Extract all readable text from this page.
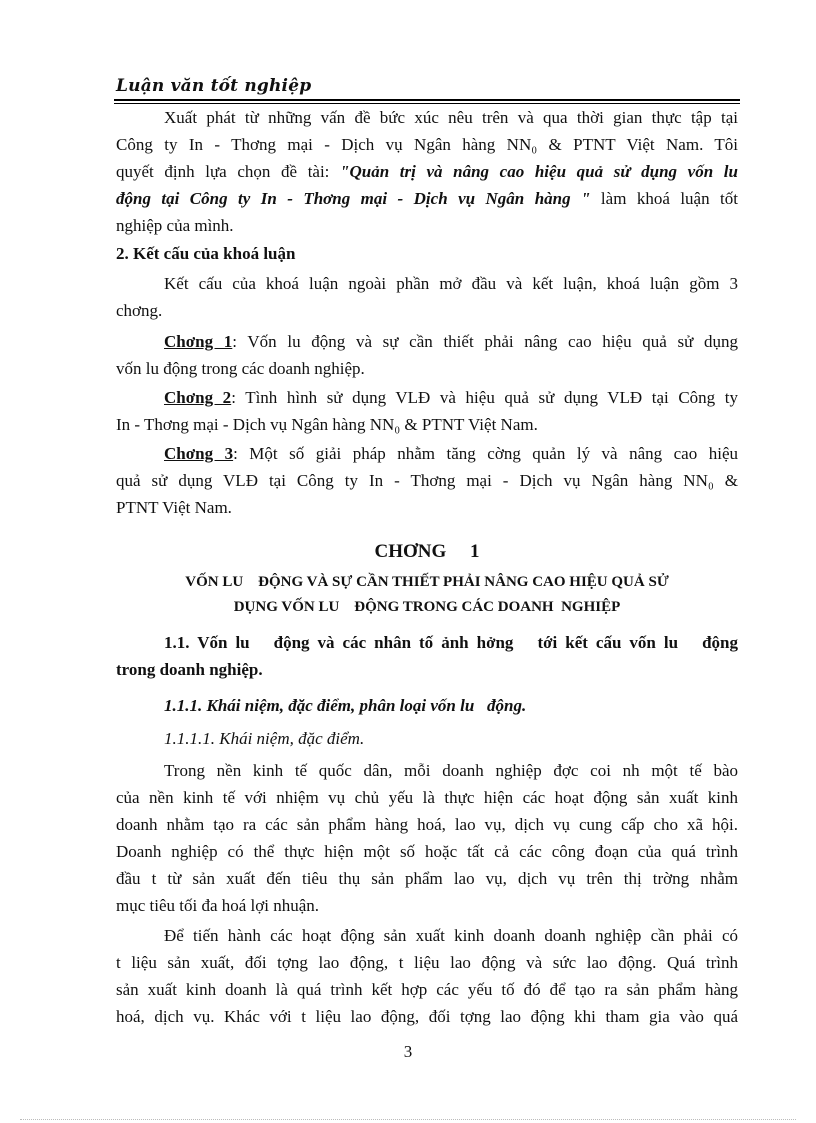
Luận văn tốt nghiệp
Xuất phát từ những vấn đề bức xúc nêu trên và qua thời gian thực tập tại
Công ty In - Thơng mại - Dịch vụ Ngân hàng NN₀ & PTNT Việt Nam. Tôi
quyết định lựa chọn đề tài: "Quản trị và nâng cao hiệu quả sử dụng vốn lu
động tại Công ty In - Thơng mại - Dịch vụ Ngân hàng " làm khoá luận tốt
nghiệp của mình.
2. Kết cấu của khoá luận
Kết cấu của khoá luận ngoài phần mở đầu và kết luận, khoá luận gồm 3
chơng.
Chơng 1: Vốn lu động và sự cần thiết phải nâng cao hiệu quả sử dụng
vốn lu động trong các doanh nghiệp.
Chơng 2: Tình hình sử dụng VLĐ và hiệu quả sử dụng VLĐ tại Công ty
In - Thơng mại - Dịch vụ Ngân hàng NN₀ & PTNT Việt Nam.
Chơng 3: Một số giải pháp nhằm tăng cờng quản lý và nâng cao hiệu
quả sử dụng VLĐ tại Công ty In - Thơng mại - Dịch vụ Ngân hàng NN₀ &
PTNT Việt Nam.
CHƠNG     1
VỐN LU    ĐỘNG VÀ SỰ CẦN THIẾT PHẢI NÂNG CAO HIỆU QUẢ SỬ
DỤNG VỐN LU    ĐỘNG TRONG CÁC DOANH  NGHIỆP
1.1. Vốn lu   động và các nhân tố ảnh hởng   tới kết cấu vốn lu   động
trong doanh nghiệp.
1.1.1. Khái niệm, đặc điểm, phân loại vốn lu   động.
1.1.1.1. Khái niệm, đặc điểm.
Trong nền kinh tế quốc dân, mỗi doanh nghiệp đợc coi nh một tế bào
của nền kinh tế với nhiệm vụ chủ yếu là thực hiện các hoạt động sản xuất kinh
doanh nhằm tạo ra các sản phẩm hàng hoá, lao vụ, dịch vụ cung cấp cho xã hội.
Doanh nghiệp có thể thực hiện một số hoặc tất cả các công đoạn của quá trình
đầu t từ sản xuất đến tiêu thụ sản phẩm lao vụ, dịch vụ trên thị trờng nhằm
mục tiêu tối đa hoá lợi nhuận.
Để tiến hành các hoạt động sản xuất kinh doanh doanh nghiệp cần phải có
t liệu sản xuất, đối tợng lao động, t liệu lao động và sức lao động. Quá trình
sản xuất kinh doanh là quá trình kết hợp các yếu tố đó để tạo ra sản phẩm hàng
hoá, dịch vụ. Khác với t liệu lao động, đối tợng lao động khi tham gia vào quá
3
